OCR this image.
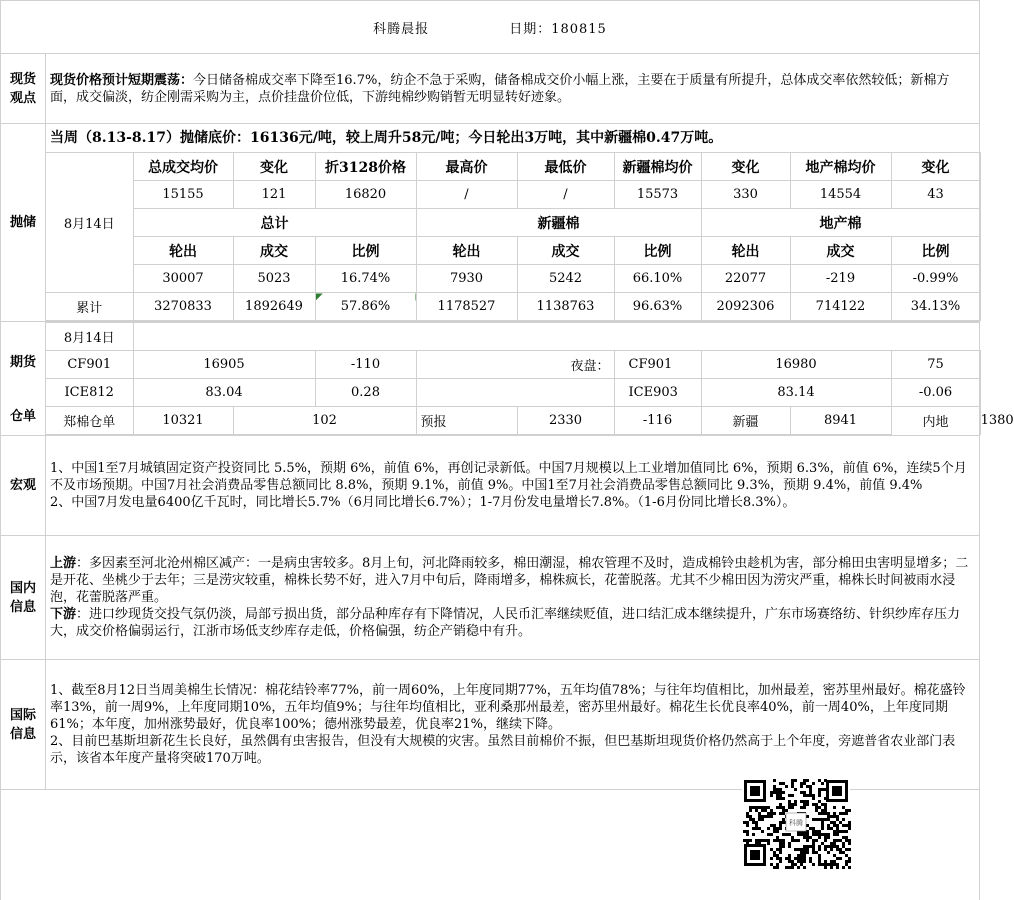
科腾晨报	日期：180815
现货观点	现货价格预计短期震荡：今日储备棉成交率下降至16.7%，纺企不急于采购，储备棉成交价小幅上涨，主要在于质量有所提升，总体成交率依然较低；新棉方面，成交偏淡，纺企刚需采购为主，点价挂盘价位低，下游纯棉纱购销暂无明显转好迹象。
抛储	
当周（8.13-8.17）抛储底价：16136元/吨，较上周升58元/吨；今日轮出3万吨，其中新疆棉0.47万吨。
8月14日	总成交均价	变化	折3128价格	最高价	最低价	新疆棉均价	变化	地产棉均价	变化
15155	121	16820	/	/	15573	330	14554	43
总计	新疆棉	地产棉
轮出	成交	比例	轮出	成交	比例	轮出	成交	比例
30007	5023	16.74%	7930	5242	66.10%	22077	-219	-0.99%
累计	3270833	1892649	57.86%	1178527	1138763	96.63%	2092306	714122	34.13%

期货
仓单

8月14日	
CF901	16905	-110	夜盘：	CF901	16980	75
ICE812	83.04	0.28		ICE903	83.14	-0.06
郑棉仓单	10321	102	预报	2330	-116	新疆	8941	内地	1380

宏观	
1、中国1至7月城镇固定资产投资同比 5.5%，预期 6%，前值 6%，再创记录新低。中国7月规模以上工业增加值同比 6%，预期 6.3%，前值 6%，连续5个月不及市场预期。中国7月社会消费品零售总额同比 8.8%，预期 9.1%，前值 9%。中国1至7月社会消费品零售总额同比 9.3%，预期 9.4%，前值 9.4%
2、中国7月发电量6400亿千瓦时，同比增长5.7%（6月同比增长6.7%）；1-7月份发电量增长7.8%。（1-6月份同比增长8.3%）。

国内信息	
上游：多因素至河北沧州棉区减产：一是病虫害较多。8月上旬，河北降雨较多，棉田潮湿，棉农管理不及时，造成棉铃虫趁机为害，部分棉田虫害明显增多；二是开花、坐桃少于去年；三是涝灾较重，棉株长势不好，进入7月中旬后，降雨增多，棉株疯长，花蕾脱落。尤其不少棉田因为涝灾严重，棉株长时间被雨水浸泡，花蕾脱落严重。
下游：进口纱现货交投气氛仍淡，局部亏损出货，部分品种库存有下降情况，人民币汇率继续贬值，进口结汇成本继续提升，广东市场赛络纺、针织纱库存压力大，成交价格偏弱运行，江浙市场低支纱库存走低，价格偏强，纺企产销稳中有升。

国际信息	
1、截至8月12日当周美棉生长情况：棉花结铃率77%，前一周60%，上年度同期77%，五年均值78%；与往年均值相比，加州最差，密苏里州最好。棉花盛铃率13%，前一周9%，上年度同期10%，五年均值9%；与往年均值相比，亚利桑那州最差，密苏里州最好。棉花生长优良率40%，前一周40%，上年度同期61%；本年度，加州涨势最好，优良率100%；德州涨势最差，优良率21%，继续下降。
2、目前巴基斯坦新花生长良好，虽然偶有虫害报告，但没有大规模的灾害。虽然目前棉价不振，但巴基斯坦现货价格仍然高于上个年度，旁遮普省农业部门表示，该省本年度产量将突破170万吨。

科腾
